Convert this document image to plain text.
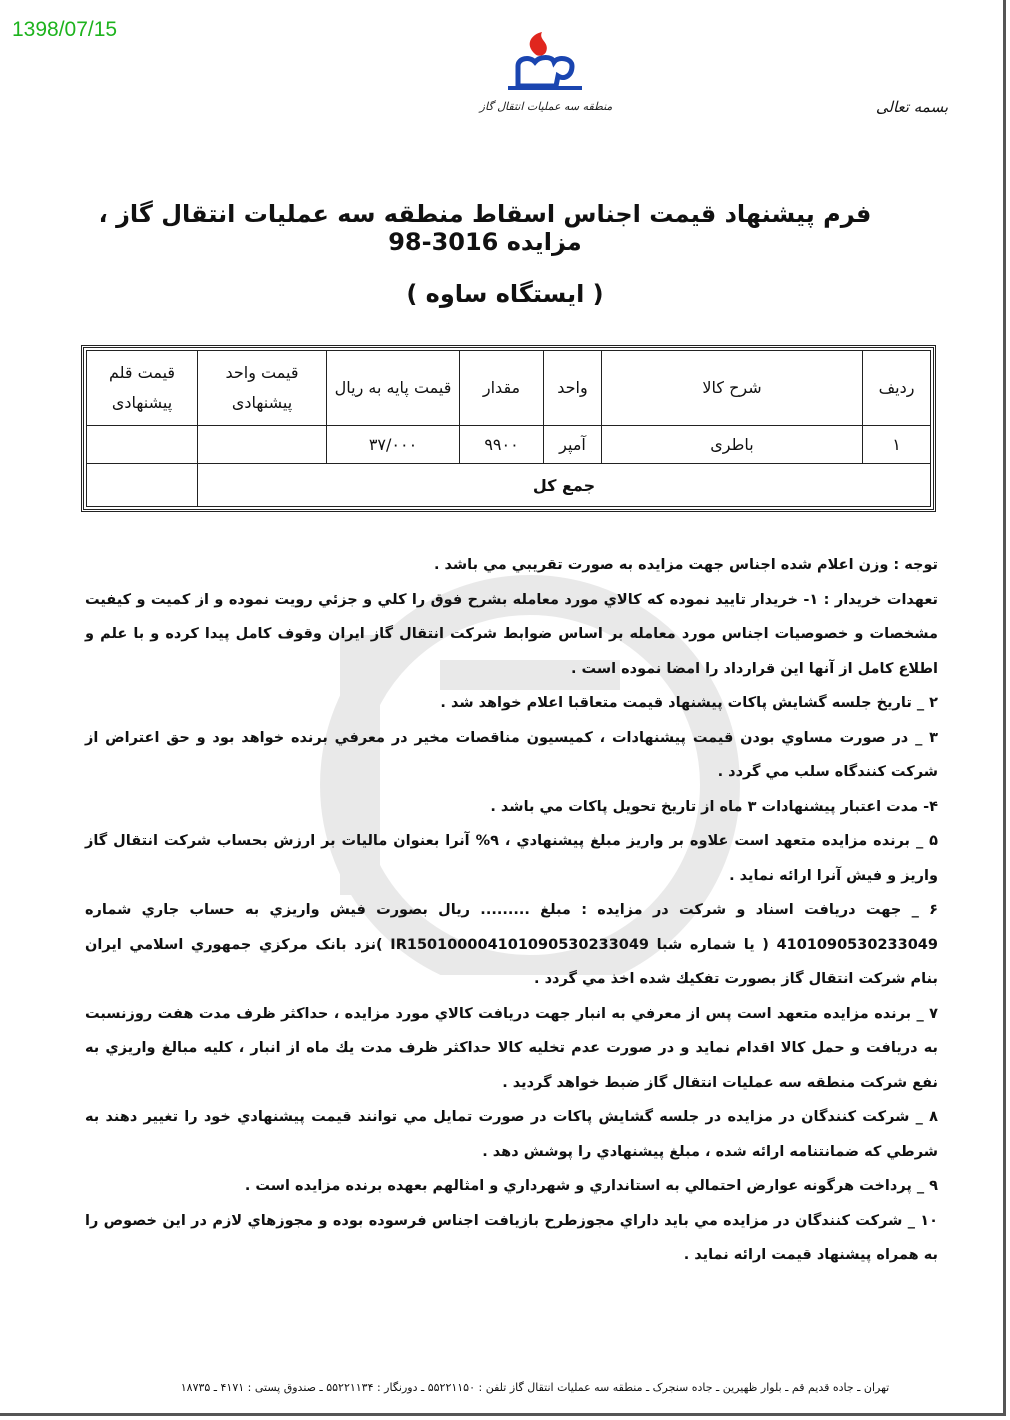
1398/07/15
منطقه سه عملیات انتقال گاز	بسمه تعالی
فرم پیشنهاد قیمت اجناس اسقاط منطقه سه عملیات انتقال گاز ، مزایده 3016-98
( ایستگاه ساوه )
ردیف	شرح کالا	واحد	مقدار	قیمت پایه به ریال	قیمت واحد پیشنهادی	قیمت قلم پیشنهادی
۱	باطری	آمپر	۹۹۰۰	۳۷/۰۰۰		
جمع کل						

توجه : وزن اعلام شده اجناس جهت مزایده به صورت تقریبي مي باشد .

تعهدات خریدار : ۱- خریدار تایید نموده که کالاي مورد معامله بشرح فوق را كلي و جزئي رويت نموده و از كميت و كيفيت مشخصات و خصوصيات اجناس مورد معامله بر اساس ضوابط شركت انتقال گاز ايران وقوف كامل پيدا كرده و با علم و اطلاع كامل از آنها اين قرارداد را امضا نموده است .

۲ _ تاریخ جلسه گشایش پاکات پیشنهاد قیمت متعاقبا اعلام خواهد شد .

۳ _ در صورت مساوي بودن قیمت پیشنهادات ، کمیسیون مناقصات مخیر در معرفي برنده خواهد بود و حق اعتراض از شرکت کنندگاه سلب مي گردد .

۴- مدت اعتبار پیشنهادات ۳ ماه از تاریخ تحویل پاكات مي باشد .

۵ _ برنده مزایده متعهد است علاوه بر واریز مبلغ پیشنهادي ، ۹% آنرا بعنوان مالیات بر ارزش بحساب شرکت انتقال گاز واریز و فیش آنرا ارائه نماید .

۶ _ جهت دریافت اسناد و شرکت در مزایده : مبلغ ......... ریال بصورت فیش واریزي به حساب جاري شماره 4101090530233049 ( یا شماره شبا IR150100004101090530233049 )نزد بانک مرکزي جمهوري اسلامي ایران بنام شركت انتقال گاز بصورت تفكيك شده اخذ مي گردد .

۷ _ برنده مزایده متعهد است پس از معرفي به انبار جهت دریافت کالاي مورد مزایده ، حداکثر ظرف مدت هفت روزنسبت به دریافت و حمل كالا اقدام نماید و در صورت عدم تخلیه کالا حداکثر ظرف مدت يك ماه از انبار ، کلیه مبالغ واریزي به نفع شرکت منطقه سه عمليات انتقال گاز ضبط خواهد گردید .

۸ _ شرکت کنندگان در مزایده در جلسه گشایش پاکات در صورت تمایل مي توانند قیمت پیشنهادي خود را تغییر دهند به شرطي كه ضمانتنامه ارائه شده ، مبلغ پيشنهادي را پوشش دهد .

۹ _ پرداخت هرگونه عوارض احتمالي به استانداري و شهرداري و امثالهم بعهده برنده مزایده است .

۱۰ _ شرکت کنندگان در مزایده مي بايد داراي مجوزطرح بازيافت اجناس فرسوده بوده و مجوزهاي لازم در اين خصوص را به همراه پيشنهاد قيمت ارائه نمايد .

تهران ـ جاده قدیم قم ـ بلوار ظهیرین ـ جاده سنجرک ـ منطقه سه عملیات انتقال گاز تلفن : ۵۵۲۲۱۱۵۰ ـ دورنگار : ۵۵۲۲۱۱۳۴ ـ صندوق پستی : ۴۱۷۱ ـ ۱۸۷۳۵
